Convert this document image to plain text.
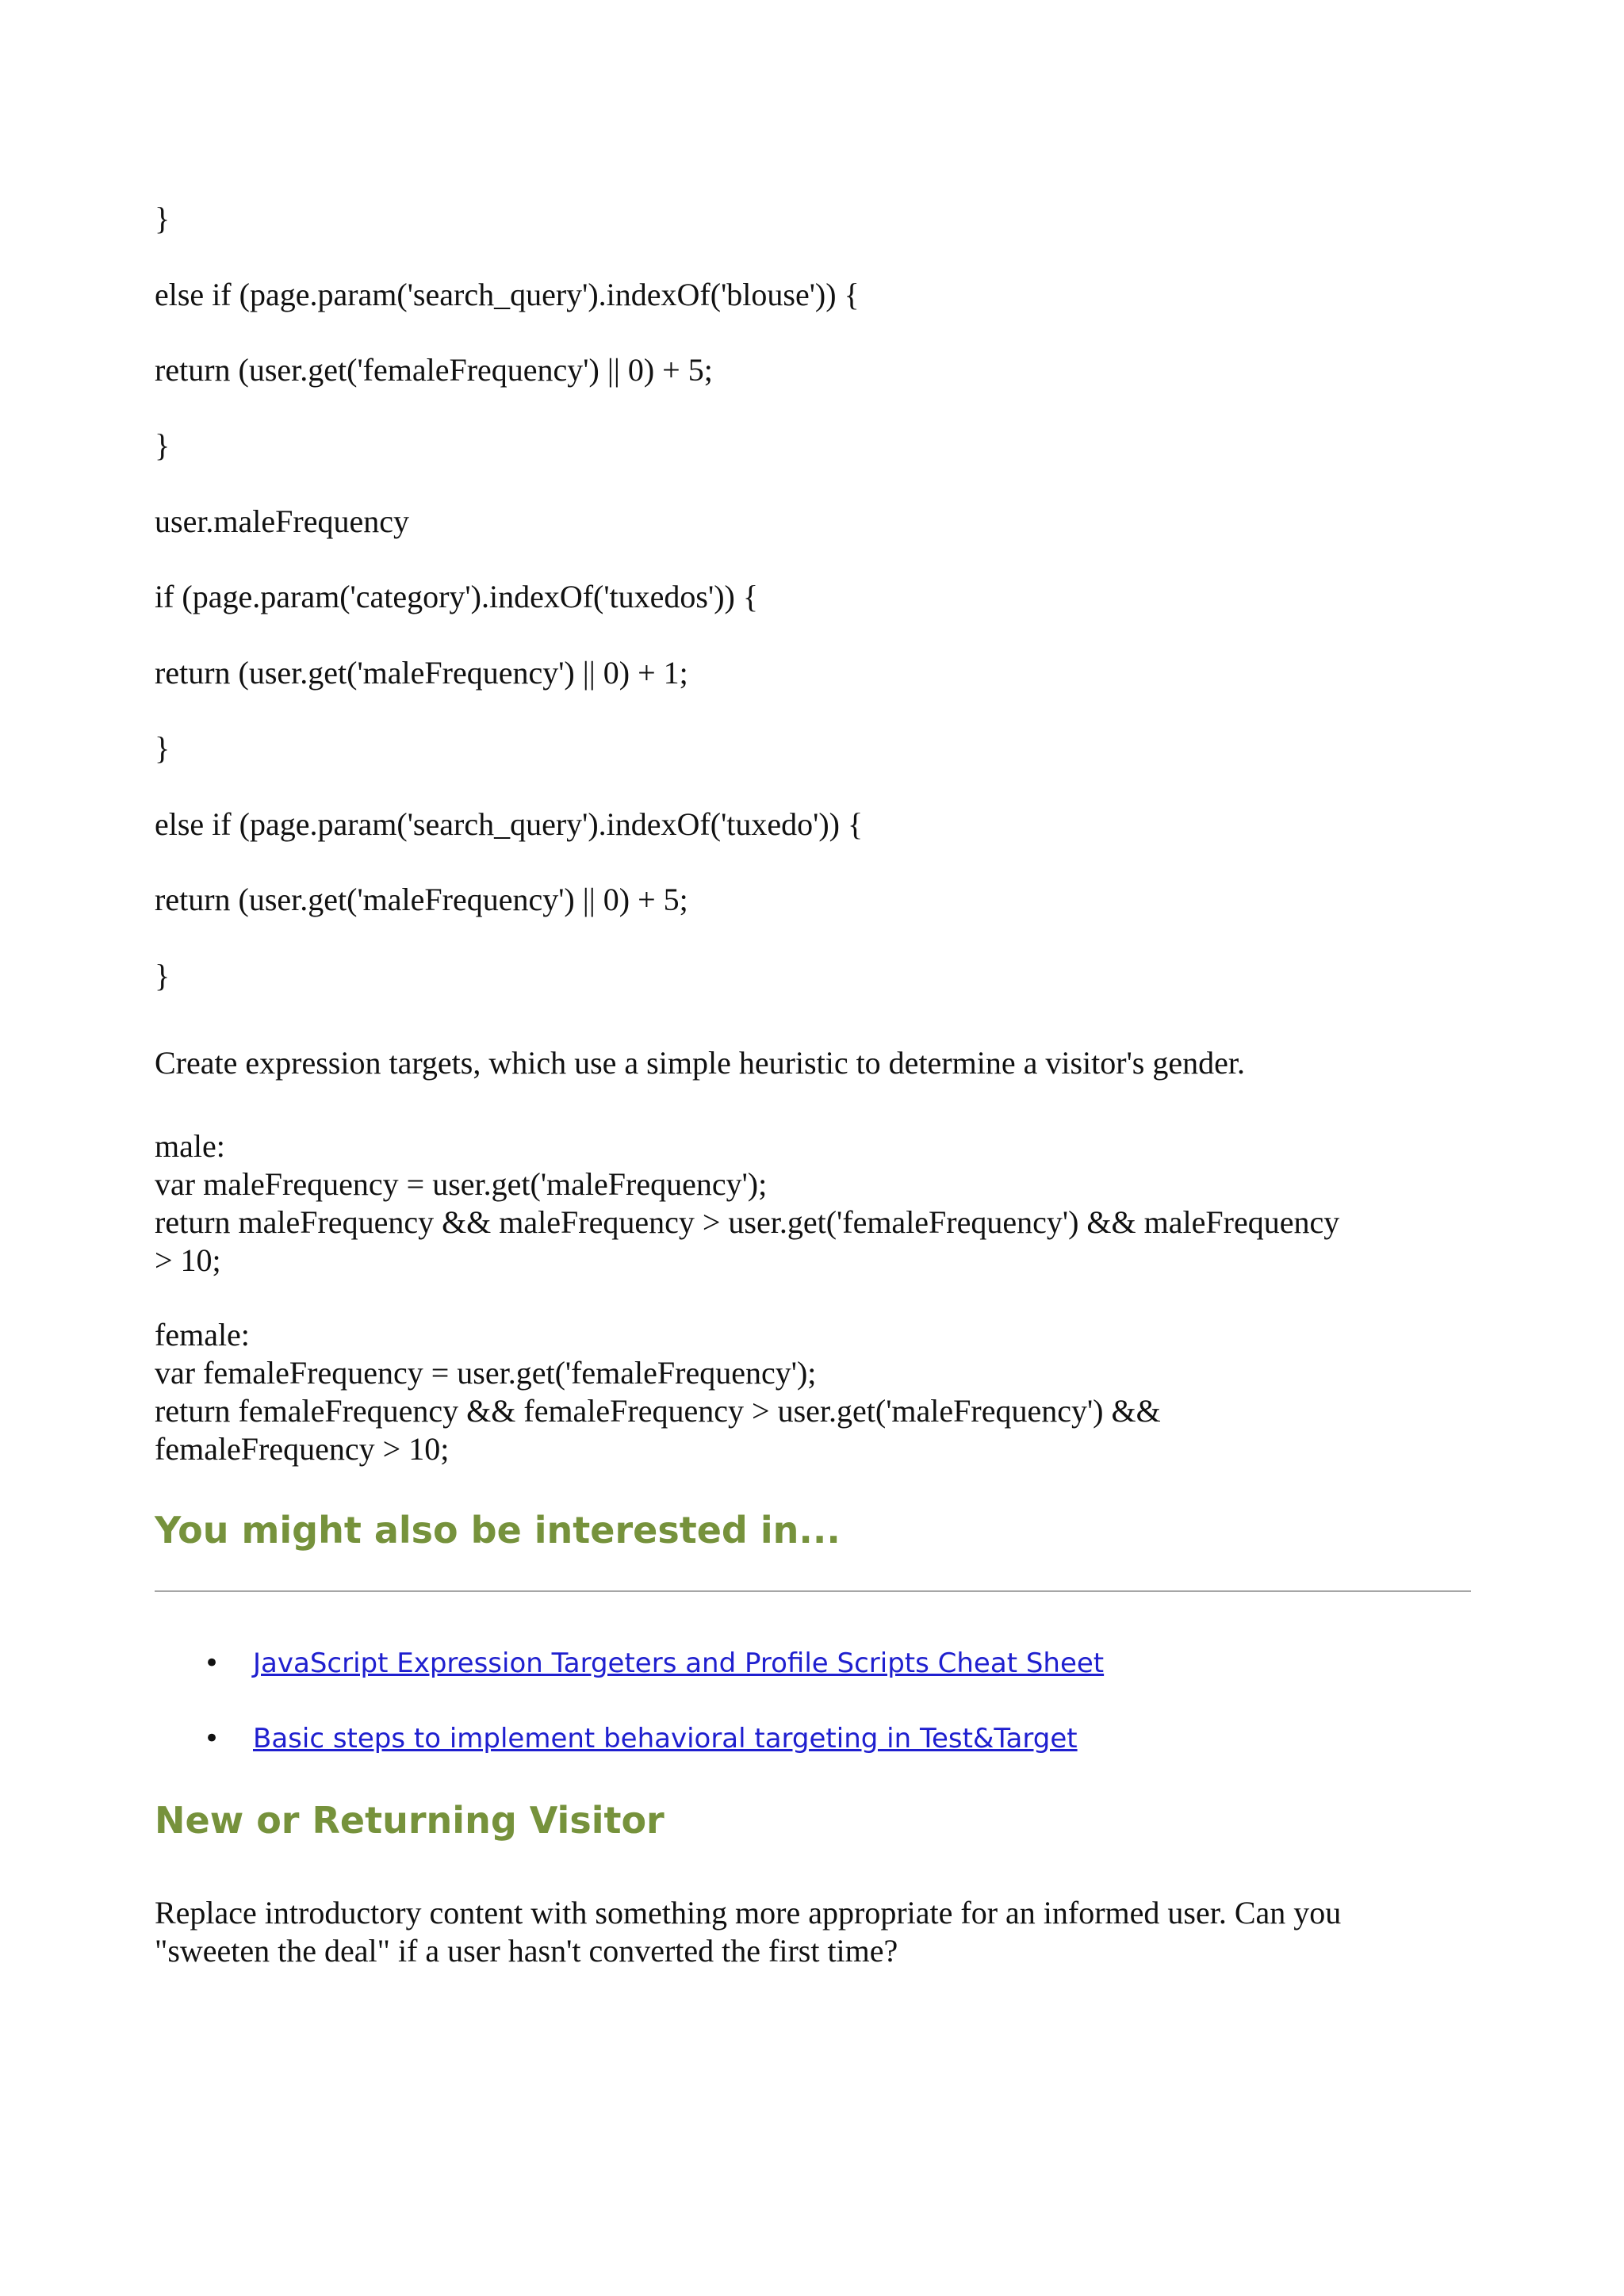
}

else if (page.param('search_query').indexOf('blouse')) {

return (user.get('femaleFrequency') || 0) + 5;

}

user.maleFrequency

if (page.param('category').indexOf('tuxedos')) {

return (user.get('maleFrequency') || 0) + 1;

}

else if (page.param('search_query').indexOf('tuxedo')) {

return (user.get('maleFrequency') || 0) + 5;

}

Create expression targets, which use a simple heuristic to determine a visitor's gender.

male:
var maleFrequency = user.get('maleFrequency');
return maleFrequency && maleFrequency > user.get('femaleFrequency') && maleFrequency
> 10;
female:
var femaleFrequency = user.get('femaleFrequency');
return femaleFrequency && femaleFrequency > user.get('maleFrequency') &&
femaleFrequency > 10;
You might also be interested in...
• JavaScript Expression Targeters and Profile Scripts Cheat Sheet
• Basic steps to implement behavioral targeting in Test&Target
New or Returning Visitor
Replace introductory content with something more appropriate for an informed user. Can you
"sweeten the deal" if a user hasn't converted the first time?
